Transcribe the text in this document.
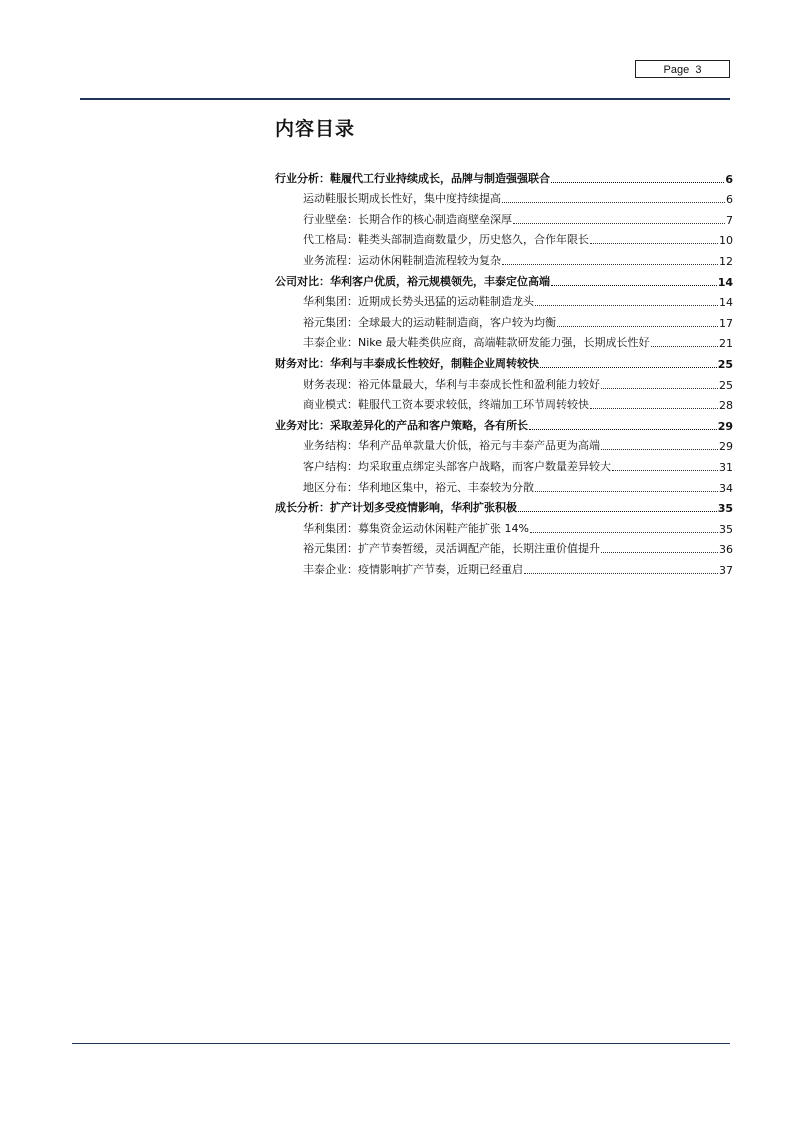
Page 3
内容目录
行业分析：鞋履代工行业持续成长，品牌与制造强强联合	6
运动鞋服长期成长性好，集中度持续提高	6
行业壁垒：长期合作的核心制造商壁垒深厚	7
代工格局：鞋类头部制造商数量少，历史悠久，合作年限长	10
业务流程：运动休闲鞋制造流程较为复杂	12
公司对比：华利客户优质，裕元规模领先，丰泰定位高端	14
华利集团：近期成长势头迅猛的运动鞋制造龙头	14
裕元集团：全球最大的运动鞋制造商，客户较为均衡	17
丰泰企业：Nike 最大鞋类供应商，高端鞋款研发能力强，长期成长性好	21
财务对比：华利与丰泰成长性较好，制鞋企业周转较快	25
财务表现：裕元体量最大，华利与丰泰成长性和盈利能力较好	25
商业模式：鞋服代工资本要求较低，终端加工环节周转较快	28
业务对比：采取差异化的产品和客户策略，各有所长	29
业务结构：华利产品单款量大价低，裕元与丰泰产品更为高端	29
客户结构：均采取重点绑定头部客户战略，而客户数量差异较大	31
地区分布：华利地区集中，裕元、丰泰较为分散	34
成长分析：扩产计划多受疫情影响，华利扩张积极	35
华利集团：募集资金运动休闲鞋产能扩张 14%	35
裕元集团：扩产节奏暂缓，灵活调配产能，长期注重价值提升	36
丰泰企业：疫情影响扩产节奏，近期已经重启	37
